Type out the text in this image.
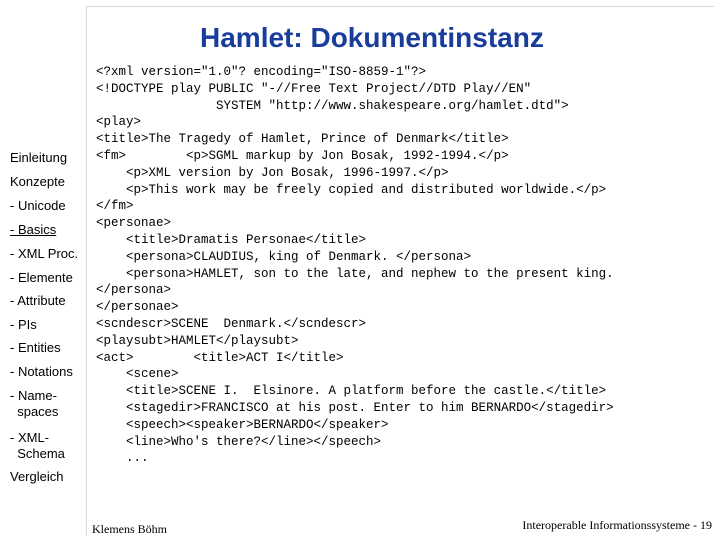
Hamlet: Dokumentinstanz
Einleitung
Konzepte
- Unicode
- Basics
- XML Proc.
- Elemente
- Attribute
- PIs
- Entities
- Notations
- Name-
spaces
- XML-
Schema
Vergleich
<?xml version="1.0"? encoding="ISO-8859-1"?>
<!DOCTYPE play PUBLIC "-//Free Text Project//DTD Play//EN"
SYSTEM "http://www.shakespeare.org/hamlet.dtd">
<play>
<title>The Tragedy of Hamlet, Prince of Denmark</title>
<fm>        <p>SGML markup by Jon Bosak, 1992-1994.</p>
<p>XML version by Jon Bosak, 1996-1997.</p>
<p>This work may be freely copied and distributed worldwide.</p>
</fm>
<personae>
<title>Dramatis Personae</title>
<persona>CLAUDIUS, king of Denmark. </persona>
<persona>HAMLET, son to the late, and nephew to the present king.
</persona>
</personae>
<scndescr>SCENE  Denmark.</scndescr>
<playsubt>HAMLET</playsubt>
<act>        <title>ACT I</title>
<scene>
<title>SCENE I.  Elsinore. A platform before the castle.</title>
<stagedir>FRANCISCO at his post. Enter to him BERNARDO</stagedir>
<speech><speaker>BERNARDO</speaker>
<line>Who's there?</line></speech>
...
Klemens Böhm	Interoperable Informationssysteme - 19
